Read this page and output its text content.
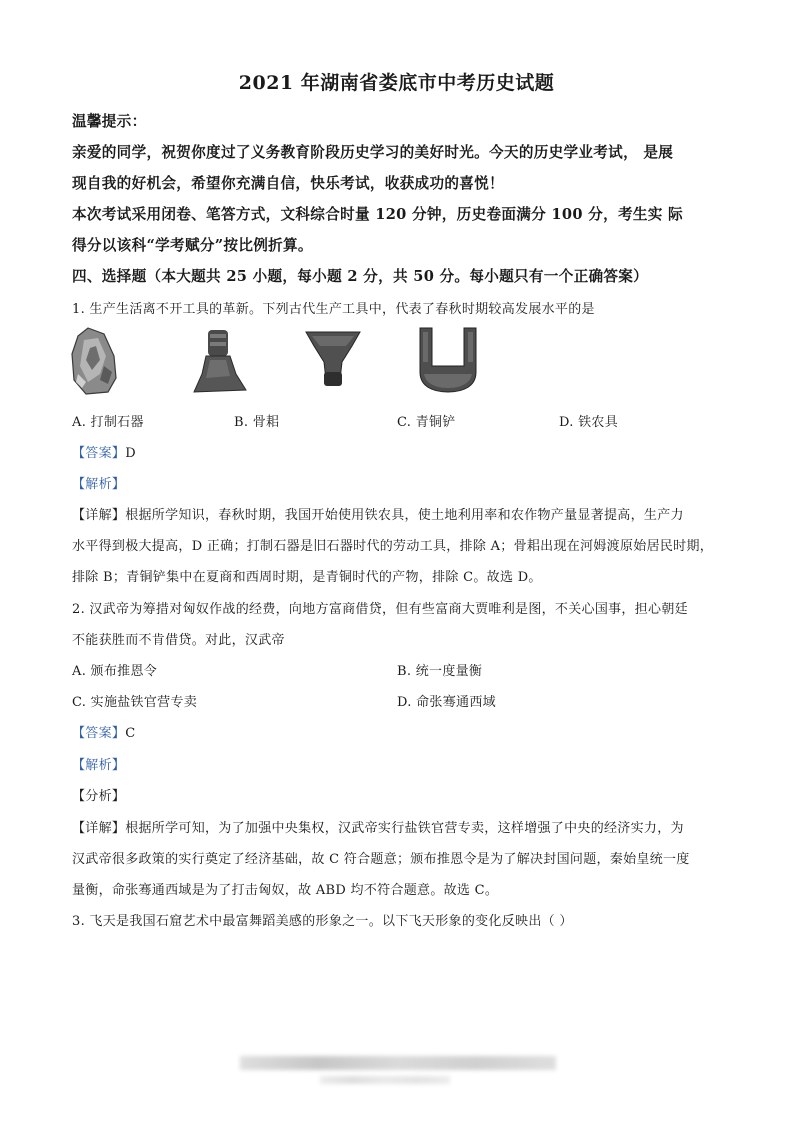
2021 年湖南省娄底市中考历史试题
温馨提示：
亲爱的同学，祝贺你度过了义务教育阶段历史学习的美好时光。今天的历史学业考试， 是展
现自我的好机会，希望你充满自信，快乐考试，收获成功的喜悦！
本次考试采用闭卷、笔答方式，文科综合时量 120 分钟，历史卷面满分 100 分，考生实 际
得分以该科“学考赋分”按比例折算。
四、选择题（本大题共 25 小题，每小题 2 分，共 50 分。每小题只有一个正确答案）
1. 生产生活离不开工具的革新。下列古代生产工具中，代表了春秋时期较高发展水平的是
A. 打制石器	B. 骨耜	C. 青铜铲	D. 铁农具
【答案】D
【解析】
【详解】根据所学知识，春秋时期，我国开始使用铁农具，使土地利用率和农作物产量显著提高，生产力
水平得到极大提高，D 正确；打制石器是旧石器时代的劳动工具，排除 A；骨耜出现在河姆渡原始居民时期，
排除 B；青铜铲集中在夏商和西周时期，是青铜时代的产物，排除 C。故选 D。
2. 汉武帝为筹措对匈奴作战的经费，向地方富商借贷，但有些富商大贾唯利是图，不关心国事，担心朝廷
不能获胜而不肯借贷。对此，汉武帝
A. 颁布推恩令	B. 统一度量衡
C. 实施盐铁官营专卖	D. 命张骞通西域
【答案】C
【解析】
【分析】
【详解】根据所学可知，为了加强中央集权，汉武帝实行盐铁官营专卖，这样增强了中央的经济实力，为
汉武帝很多政策的实行奠定了经济基础，故 C 符合题意；颁布推恩令是为了解决封国问题，秦始皇统一度
量衡，命张骞通西域是为了打击匈奴，故 ABD 均不符合题意。故选 C。
3. 飞天是我国石窟艺术中最富舞蹈美感的形象之一。以下飞天形象的变化反映出（ ）
